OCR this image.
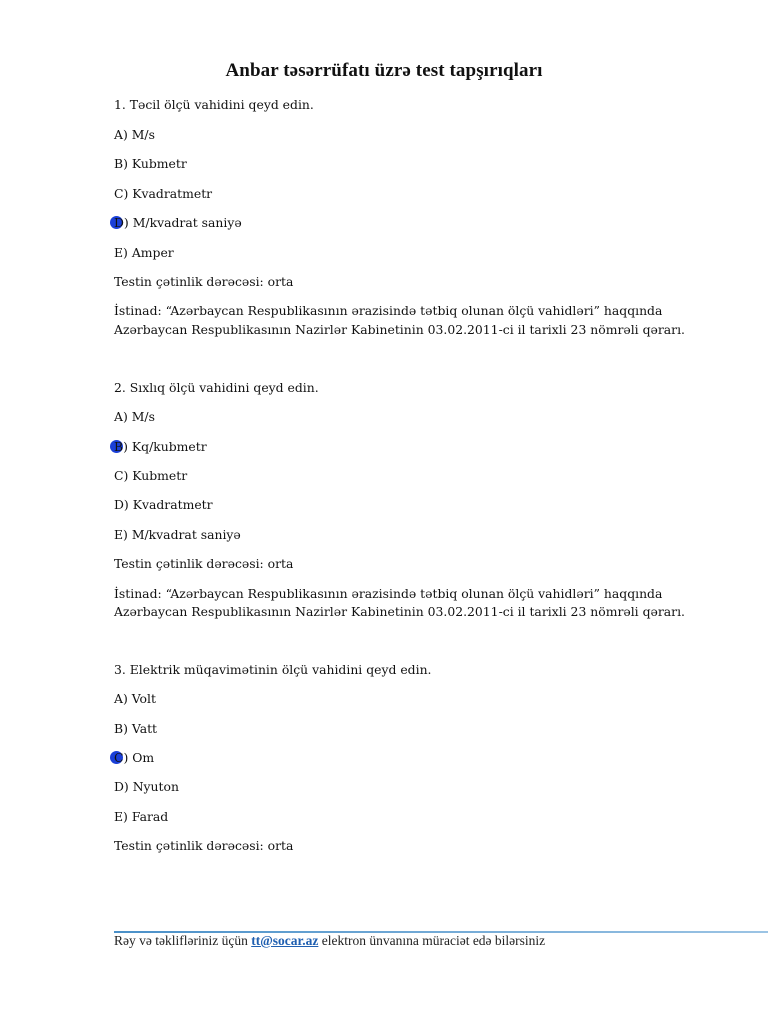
Anbar təsərrüfatı üzrə test tapşırıqları
1. Təcil ölçü vahidini qeyd edin.
A) M/s
B) Kubmetr
C) Kvadratmetr
D) M/kvadrat saniyə
E) Amper
Testin çətinlik dərəcəsi: orta
İstinad: “Azərbaycan Respublikasının ərazisində tətbiq olunan ölçü vahidləri” haqqında
Azərbaycan Respublikasının Nazirlər Kabinetinin 03.02.2011-ci il tarixli 23 nömrəli qərarı.
2. Sıxlıq ölçü vahidini qeyd edin.
A) M/s
B) Kq/kubmetr
C) Kubmetr
D) Kvadratmetr
E) M/kvadrat saniyə
Testin çətinlik dərəcəsi: orta
İstinad: “Azərbaycan Respublikasının ərazisində tətbiq olunan ölçü vahidləri” haqqında
Azərbaycan Respublikasının Nazirlər Kabinetinin 03.02.2011-ci il tarixli 23 nömrəli qərarı.
3. Elektrik müqavimətinin ölçü vahidini qeyd edin.
A) Volt
B) Vatt
C) Om
D) Nyuton
E) Farad
Testin çətinlik dərəcəsi: orta
Rəy və təklifləriniz üçün tt@socar.az elektron ünvanına müraciət edə bilərsiniz
